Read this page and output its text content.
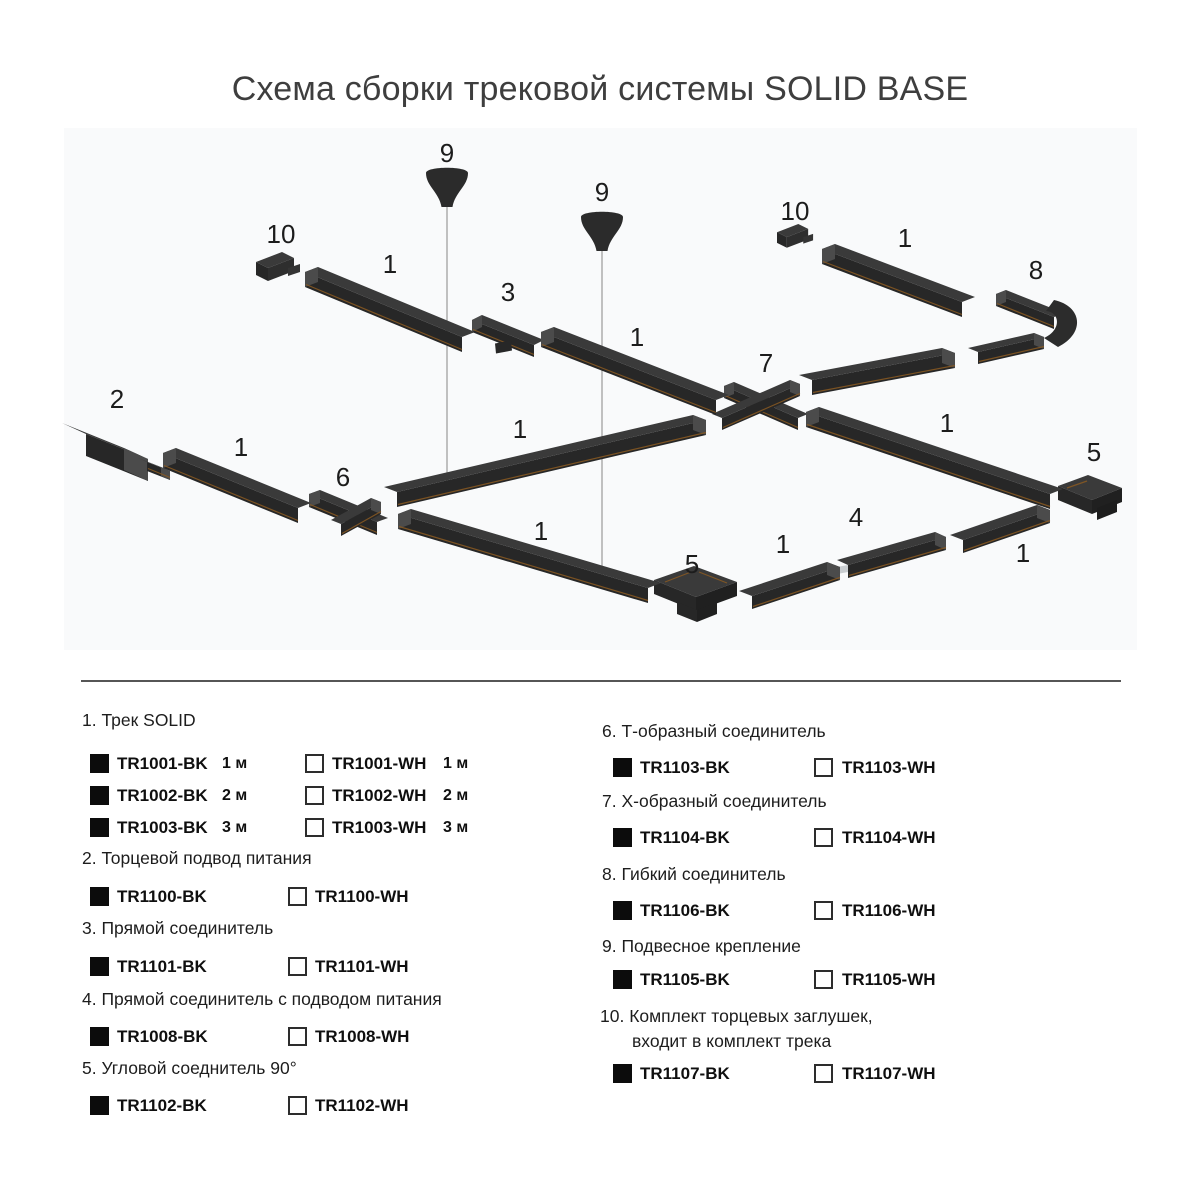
Схема сборки трековой системы SOLID BASE
9
9
10
1
3
1
7
10
1
8
2
1
6
1	1
5
1
5
1
4
1
1. Трек SOLID
TR1001-BK 1 м	TR1001-WH 1 м
TR1002-BK 2 м	TR1002-WH 2 м
TR1003-BK 3 м	TR1003-WH 3 м
2. Торцевой подвод питания
TR1100-BK	TR1100-WH
3. Прямой соединитель
TR1101-BK	TR1101-WH
4. Прямой соединитель с подводом питания
TR1008-BK	TR1008-WH
5. Угловой соеднитель 90°
TR1102-BK	TR1102-WH
6. Т-образный соединитель
TR1103-BK	TR1103-WH
7. Х-образный соединитель
TR1104-BK	TR1104-WH
8. Гибкий соединитель
TR1106-BK	TR1106-WH
9. Подвесное крепление
TR1105-BK	TR1105-WH
10. Комплект торцевых заглушек,
входит в комплект трека
TR1107-BK	TR1107-WH
